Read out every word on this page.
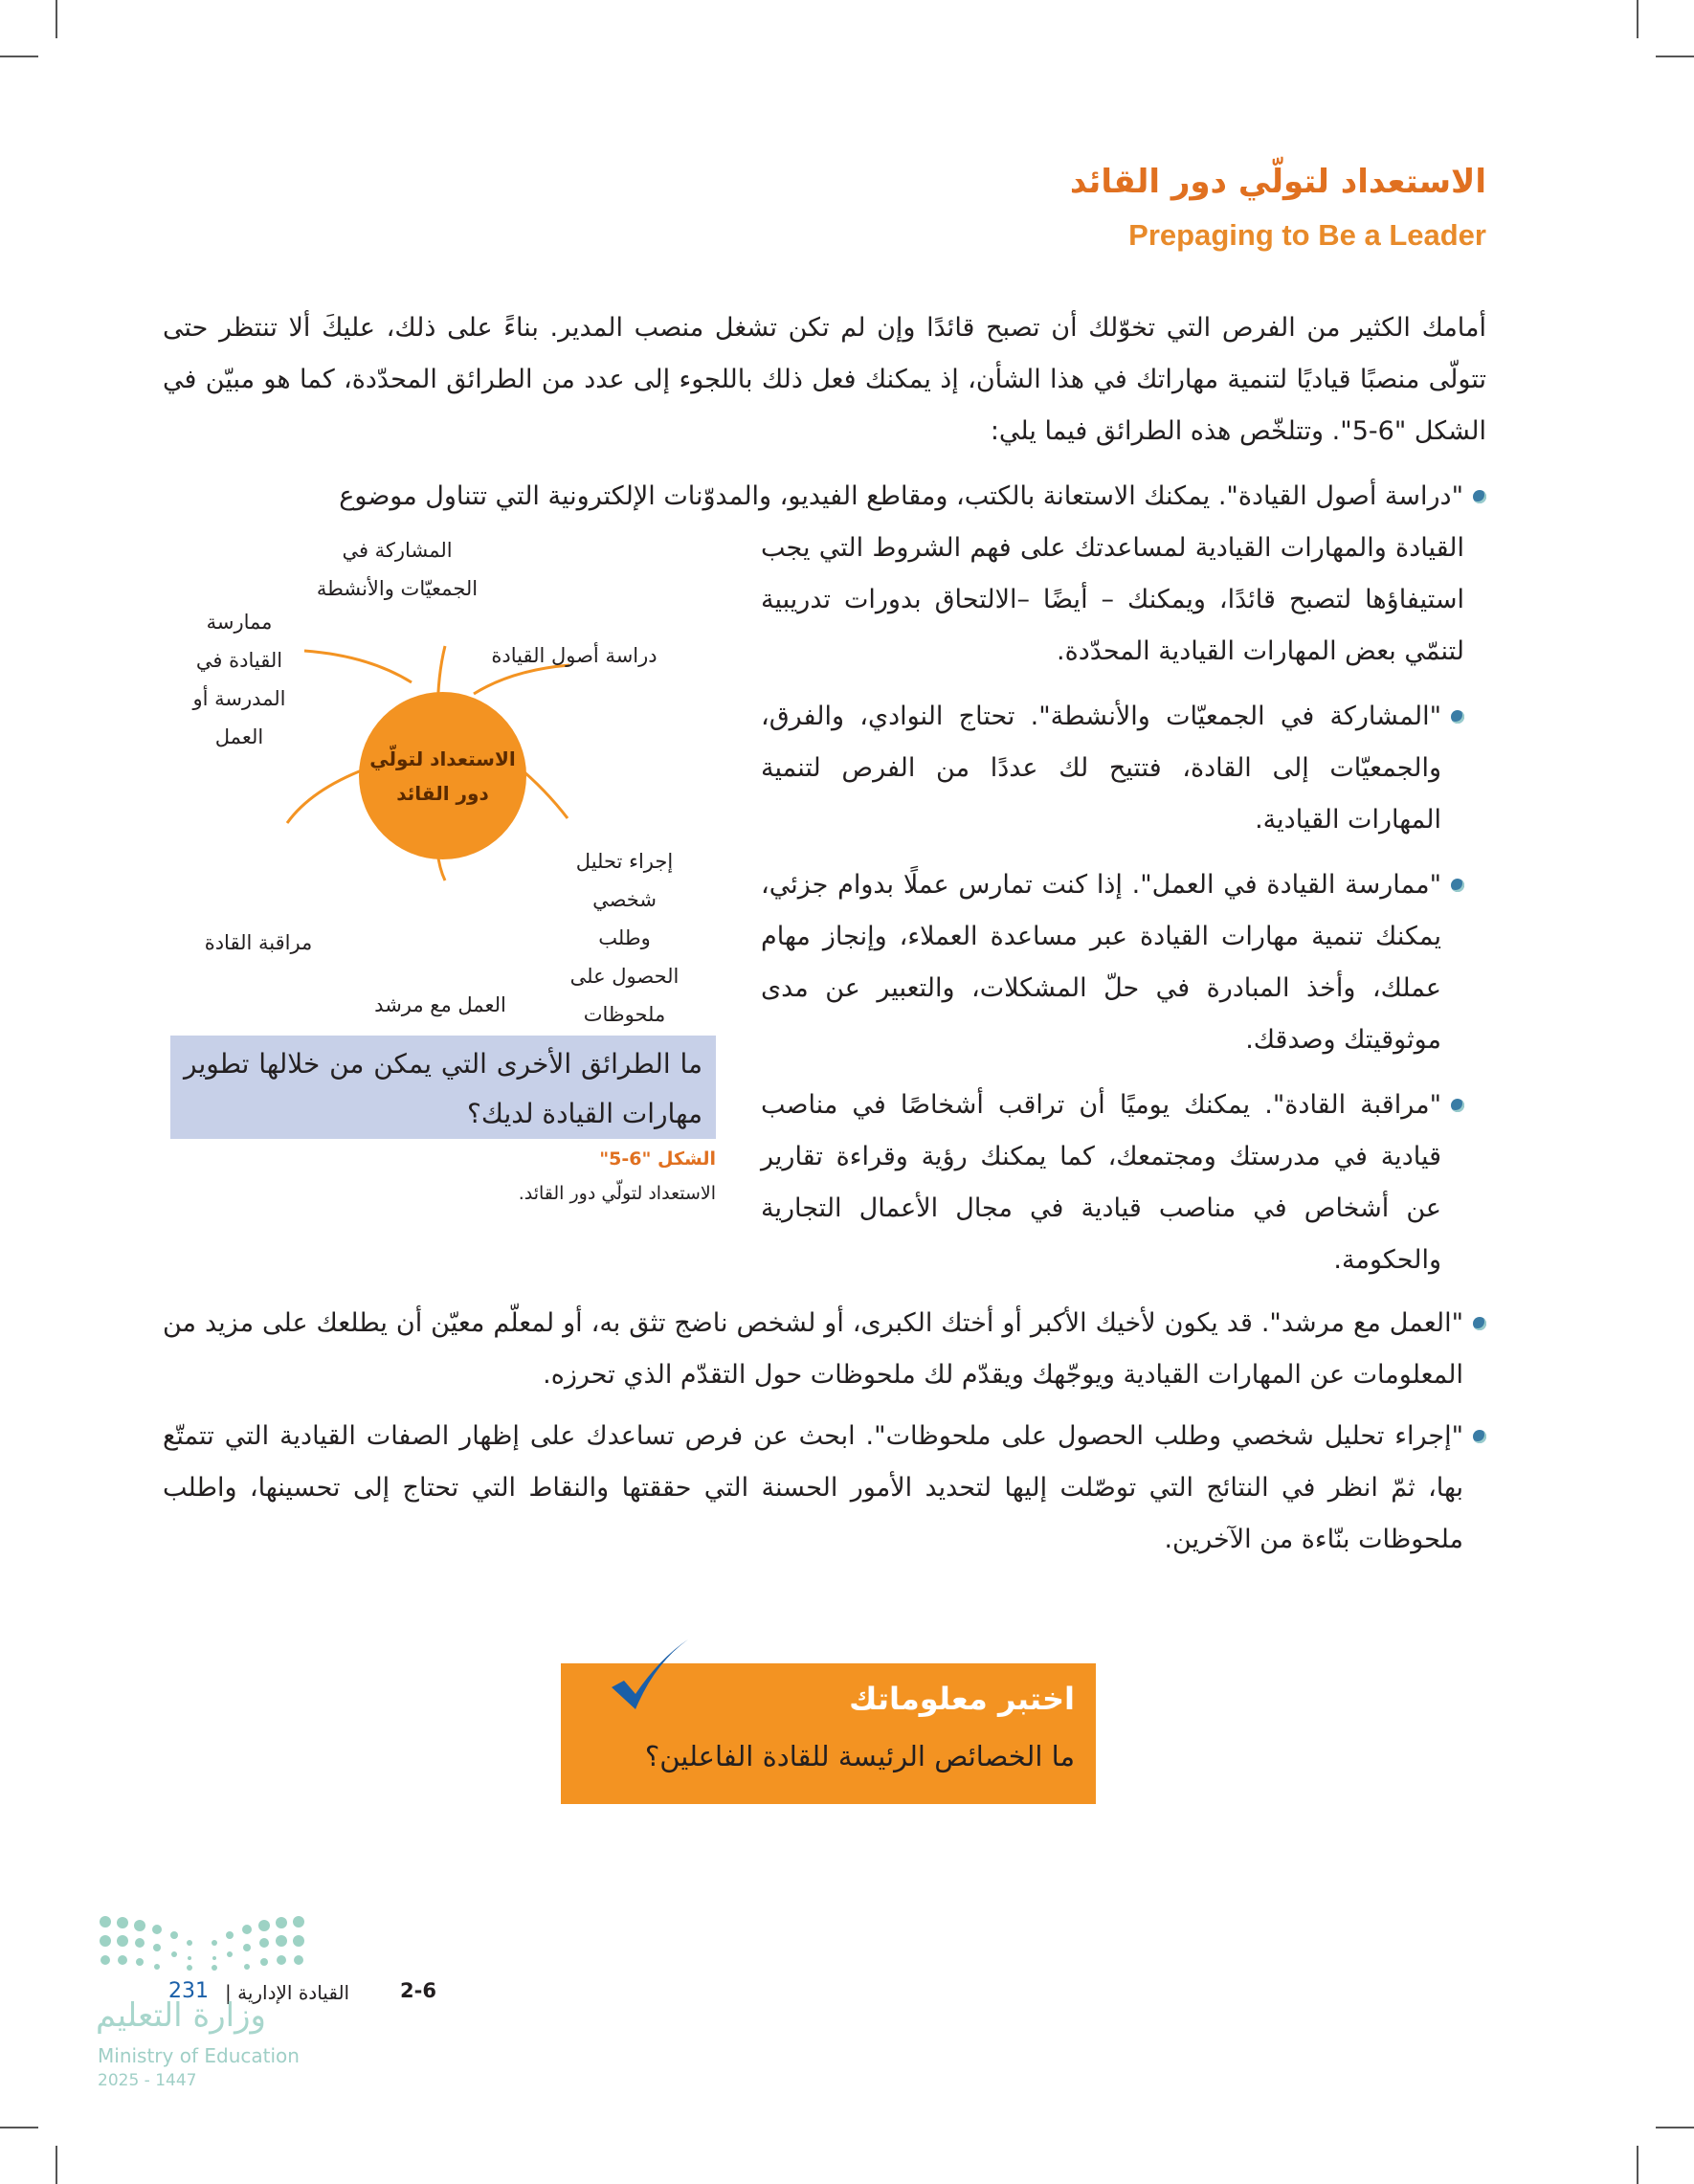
الاستعداد لتولّي دور القائد
Prepaging to Be a Leader
أمامك الكثير من الفرص التي تخوّلك أن تصبح قائدًا وإن لم تكن تشغل منصب المدير. بناءً على ذلك، عليكَ ألا تنتظر حتى تتولّى منصبًا قياديًا لتنمية مهاراتك في هذا الشأن، إذ يمكنك فعل ذلك باللجوء إلى عدد من الطرائق المحدّدة، كما هو مبيّن في الشكل "6-5". وتتلخّص هذه الطرائق فيما يلي:
"دراسة أصول القيادة". يمكنك الاستعانة بالكتب، ومقاطع الفيديو، والمدوّنات الإلكترونية التي تتناول موضوع
القيادة والمهارات القيادية لمساعدتك على فهم الشروط التي يجب استيفاؤها لتصبح قائدًا، ويمكنك – أيضًا –الالتحاق بدورات تدريبية لتنمّي بعض المهارات القيادية المحدّدة.
"المشاركة في الجمعيّات والأنشطة". تحتاج النوادي، والفرق، والجمعيّات إلى القادة، فتتيح لك عددًا من الفرص لتنمية المهارات القيادية.
"ممارسة القيادة في العمل". إذا كنت تمارس عملًا بدوام جزئي، يمكنك تنمية مهارات القيادة عبر مساعدة العملاء، وإنجاز مهام عملك، وأخذ المبادرة في حلّ المشكلات، والتعبير عن مدى موثوقيتك وصدقك.
"مراقبة القادة". يمكنك يوميًا أن تراقب أشخاصًا في مناصب قيادية في مدرستك ومجتمعك، كما يمكنك رؤية وقراءة تقارير عن أشخاص في مناصب قيادية في مجال الأعمال التجارية والحكومة.
"العمل مع مرشد". قد يكون لأخيك الأكبر أو أختك الكبرى، أو لشخص ناضج تثق به، أو لمعلّم معيّن أن يطلعك على مزيد من المعلومات عن المهارات القيادية ويوجّهك ويقدّم لك ملحوظات حول التقدّم الذي تحرزه.
"إجراء تحليل شخصي وطلب الحصول على ملحوظات". ابحث عن فرص تساعدك على إظهار الصفات القيادية التي تتمتّع بها، ثمّ انظر في النتائج التي توصّلت إليها لتحديد الأمور الحسنة التي حققتها والنقاط التي تحتاج إلى تحسينها، واطلب ملحوظات بنّاءة من الآخرين.
الاستعداد لتولّي دور القائد
المشاركة في الجمعيّات والأنشطة
ممارسة القيادة في المدرسة أو العمل
دراسة أصول القيادة
إجراء تحليل شخصي وطلب الحصول على ملحوظات
العمل مع مرشد
مراقبة القادة
ما الطرائق الأخرى التي يمكن من خلالها تطوير مهارات القيادة لديك؟
الشكل "6-5"
الاستعداد لتولّي دور القائد.
اختبر معلوماتك
ما الخصائص الرئيسة للقادة الفاعلين؟
2-6
القيادة الإدارية |
231
وزارة التعليم
Ministry of Education
2025 - 1447
